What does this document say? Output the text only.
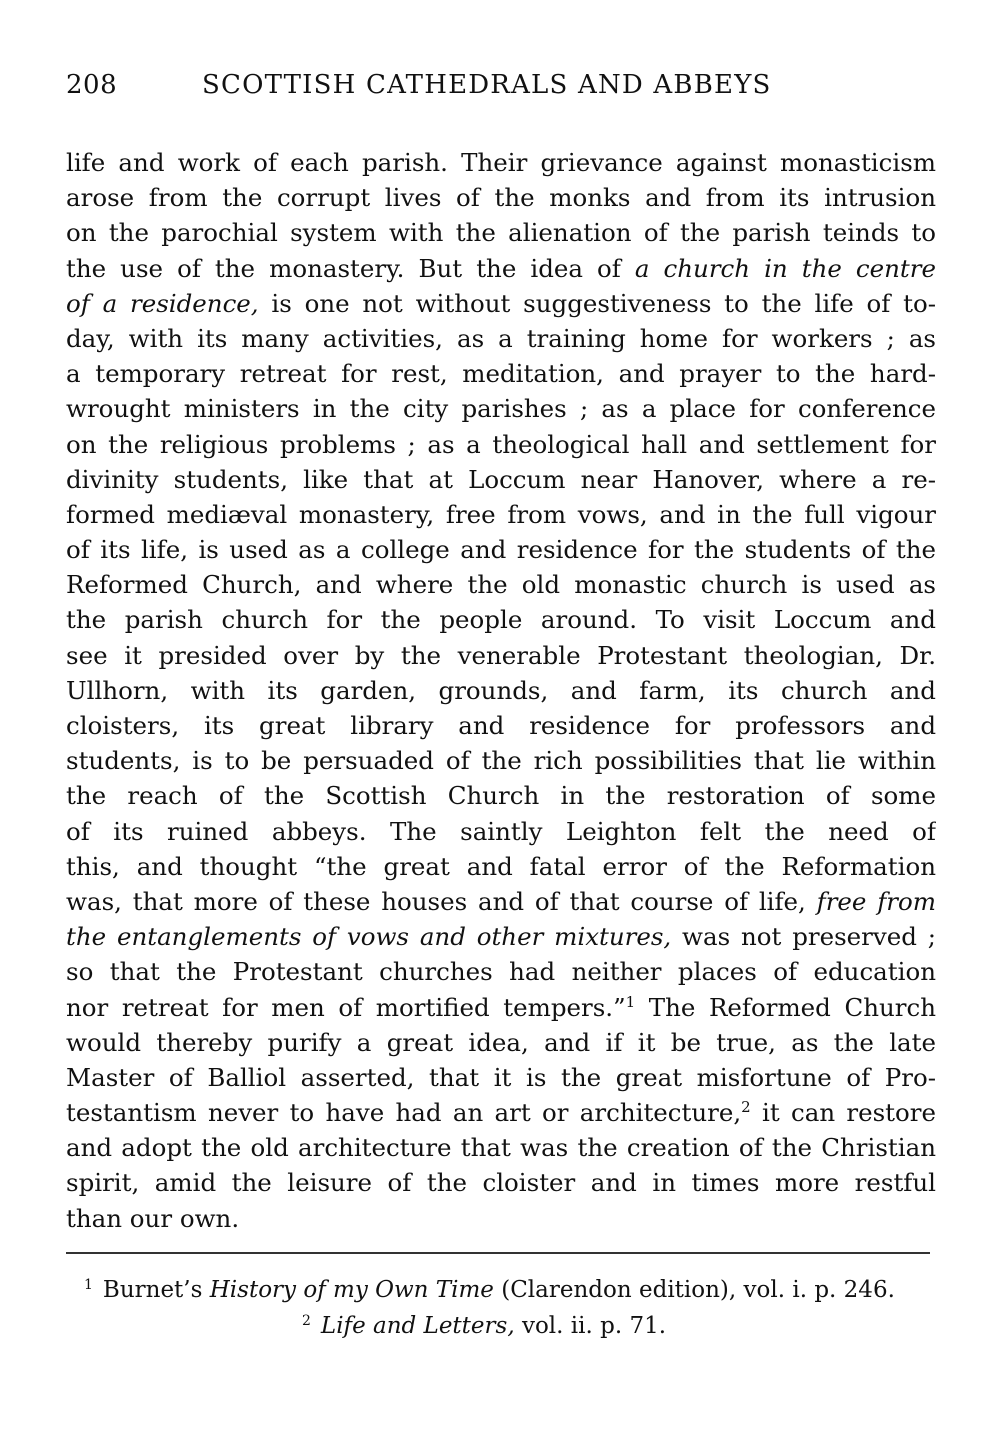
208	SCOTTISH CATHEDRALS AND ABBEYS
life and work of each parish. Their grievance against monasticism
arose from the corrupt lives of the monks and from its intrusion
on the parochial system with the alienation of the parish teinds to
the use of the monastery. But the idea of a church in the centre
of a residence, is one not without suggestiveness to the life of to-
day, with its many activities, as a training home for workers ; as
a temporary retreat for rest, meditation, and prayer to the hard-
wrought ministers in the city parishes ; as a place for conference
on the religious problems ; as a theological hall and settlement for
divinity students, like that at Loccum near Hanover, where a re-
formed mediæval monastery, free from vows, and in the full vigour
of its life, is used as a college and residence for the students of the
Reformed Church, and where the old monastic church is used as
the parish church for the people around. To visit Loccum and
see it presided over by the venerable Protestant theologian, Dr.
Ullhorn, with its garden, grounds, and farm, its church and
cloisters, its great library and residence for professors and
students, is to be persuaded of the rich possibilities that lie within
the reach of the Scottish Church in the restoration of some
of its ruined abbeys. The saintly Leighton felt the need of
this, and thought “the great and fatal error of the Reformation
was, that more of these houses and of that course of life, free from
the entanglements of vows and other mixtures, was not preserved ;
so that the Protestant churches had neither places of education
nor retreat for men of mortified tempers.”$^1$ The Reformed Church
would thereby purify a great idea, and if it be true, as the late
Master of Balliol asserted, that it is the great misfortune of Pro-
testantism never to have had an art or architecture,$^2$ it can restore
and adopt the old architecture that was the creation of the Christian
spirit, amid the leisure of the cloister and in times more restful
than our own.
$^1$ Burnet’s History of my Own Time (Clarendon edition), vol. i. p. 246.
$^2$ Life and Letters, vol. ii. p. 71.
